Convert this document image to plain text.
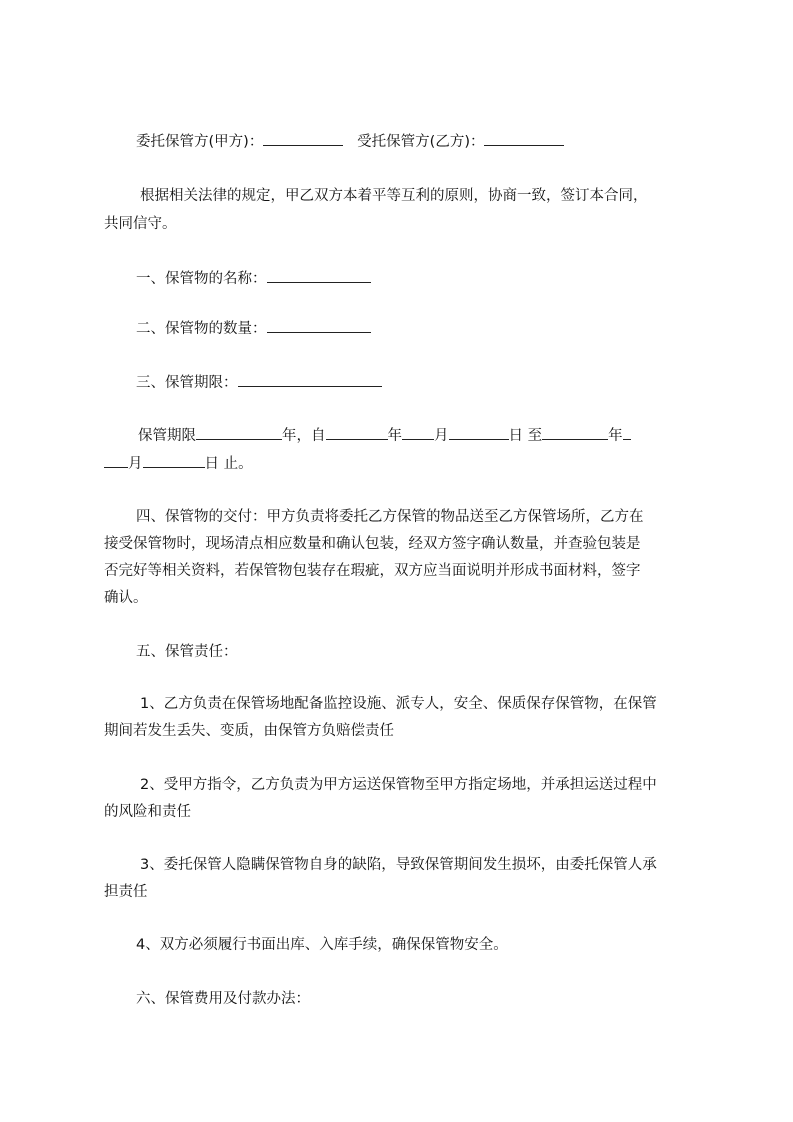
委托保管方(甲方)：	受托保管方(乙方)：
根据相关法律的规定，甲乙双方本着平等互利的原则，协商一致，签订本合同，
共同信守。
一、保管物的名称：
二、保管物的数量：
三、保管期限：
保管期限	年，自	年 月	日 至	年
月	日 止。
四、保管物的交付：甲方负责将委托乙方保管的物品送至乙方保管场所，乙方在
接受保管物时，现场清点相应数量和确认包装，经双方签字确认数量，并查验包装是
否完好等相关资料，若保管物包装存在瑕疵，双方应当面说明并形成书面材料，签字
确认。
五、保管责任：
1、乙方负责在保管场地配备监控设施、派专人，安全、保质保存保管物，在保管
期间若发生丢失、变质，由保管方负赔偿责任
2、受甲方指令，乙方负责为甲方运送保管物至甲方指定场地，并承担运送过程中
的风险和责任
3、委托保管人隐瞒保管物自身的缺陷，导致保管期间发生损坏，由委托保管人承
担责任
4、双方必须履行书面出库、入库手续，确保保管物安全。
六、保管费用及付款办法：
